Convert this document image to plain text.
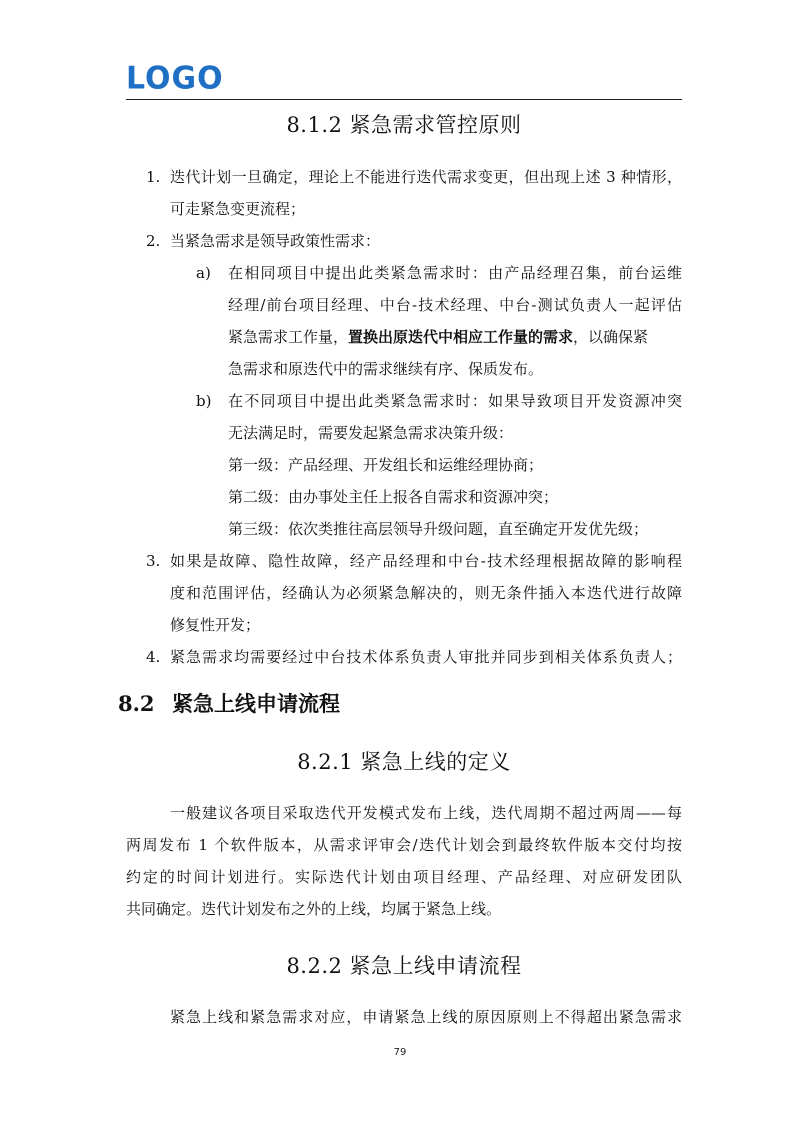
LOGO
8.1.2 紧急需求管控原则
1. 迭代计划一旦确定，理论上不能进行迭代需求变更，但出现上述 3 种情形，
可走紧急变更流程；
2. 当紧急需求是领导政策性需求：
a) 在相同项目中提出此类紧急需求时：由产品经理召集，前台运维
经理/前台项目经理、中台-技术经理、中台-测试负责人一起评估
紧急需求工作量，置换出原迭代中相应工作量的需求，以确保紧
急需求和原迭代中的需求继续有序、保质发布。
b) 在不同项目中提出此类紧急需求时：如果导致项目开发资源冲突
无法满足时，需要发起紧急需求决策升级：
第一级：产品经理、开发组长和运维经理协商；
第二级：由办事处主任上报各自需求和资源冲突；
第三级：依次类推往高层领导升级问题，直至确定开发优先级；
3. 如果是故障、隐性故障，经产品经理和中台-技术经理根据故障的影响程
度和范围评估，经确认为必须紧急解决的，则无条件插入本迭代进行故障
修复性开发；
4. 紧急需求均需要经过中台技术体系负责人审批并同步到相关体系负责人；
8.2 紧急上线申请流程
8.2.1 紧急上线的定义
一般建议各项目采取迭代开发模式发布上线，迭代周期不超过两周——每
两周发布 1 个软件版本，从需求评审会/迭代计划会到最终软件版本交付均按
约定的时间计划进行。实际迭代计划由项目经理、产品经理、对应研发团队
共同确定。迭代计划发布之外的上线，均属于紧急上线。
8.2.2 紧急上线申请流程
紧急上线和紧急需求对应，申请紧急上线的原因原则上不得超出紧急需求
79
